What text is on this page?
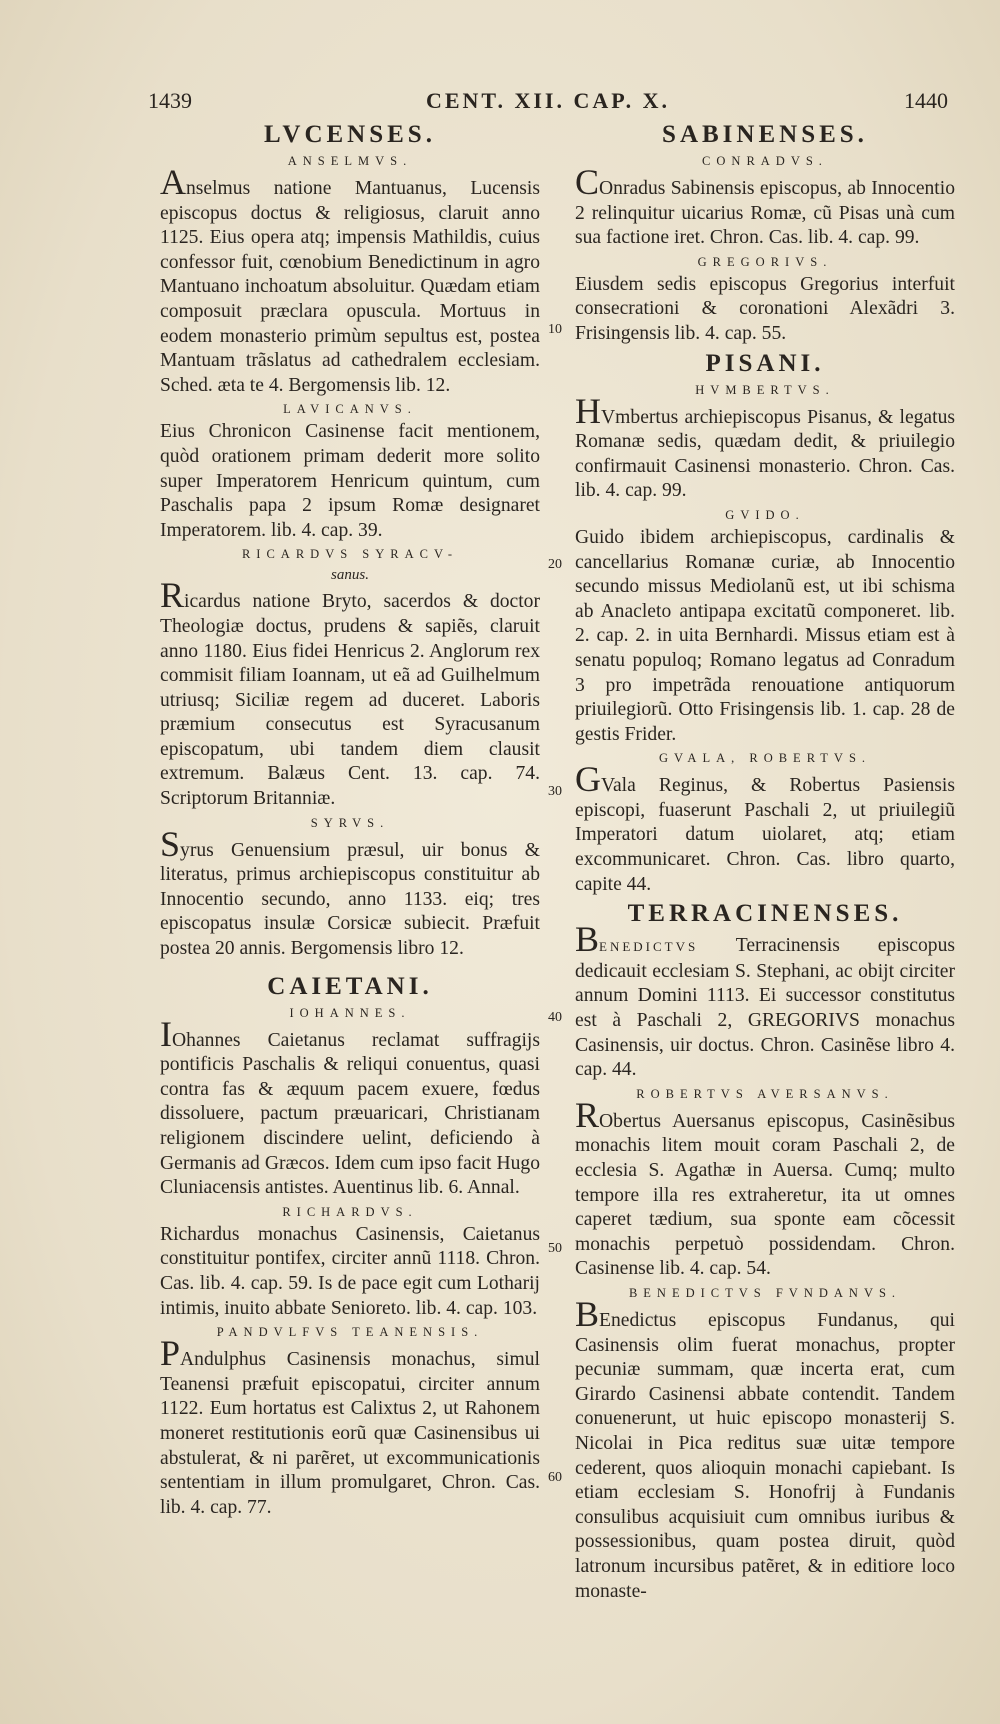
1439	CENT. XII. CAP. X.	1440
10
20
30
40
50
60
LVCENSES.
ANSELMVS.

Anselmus natione Mantuanus, Lucensis episcopus doctus & religiosus, claruit anno 1125. Eius opera atq; impensis Mathildis, cuius confessor fuit, cœnobium Benedictinum in agro Mantuano inchoatum absoluitur. Quædam etiam composuit præclara opuscula. Mortuus in eodem monasterio primùm sepultus est, postea Mantuam trãslatus ad cathedralem ecclesiam. Sched. æta te 4. Bergomensis lib. 12.

LAVICANVS.

Eius Chronicon Casinense facit mentionem, quòd orationem primam dederit more solito super Imperatorem Henricum quintum, cum Paschalis papa 2 ipsum Romæ designaret Imperatorem. lib. 4. cap. 39.

RICARDVS SYRACV-
sanus.

Ricardus natione Bryto, sacerdos & doctor Theologiæ doctus, prudens & sapiẽs, claruit anno 1180. Eius fidei Henricus 2. Anglorum rex commisit filiam Ioannam, ut eã ad Guilhelmum utriusq; Siciliæ regem ad duceret. Laboris præmium consecutus est Syracusanum episcopatum, ubi tandem diem clausit extremum. Balæus Cent. 13. cap. 74. Scriptorum Britanniæ.

SYRVS.

Syrus Genuensium præsul, uir bonus & literatus, primus archiepiscopus constituitur ab Innocentio secundo, anno 1133. eiq; tres episcopatus insulæ Corsicæ subiecit. Præfuit postea 20 annis. Bergomensis libro 12.

CAIETANI.
IOHANNES.

IOhannes Caietanus reclamat suffragijs pontificis Paschalis & reliqui conuentus, quasi contra fas & æquum pacem exuere, fœdus dissoluere, pactum præuaricari, Christianam religionem discindere uelint, deficiendo à Germanis ad Græcos. Idem cum ipso facit Hugo Cluniacensis antistes. Auentinus lib. 6. Annal.

RICHARDVS.

Richardus monachus Casinensis, Caietanus constituitur pontifex, circiter annũ 1118. Chron. Cas. lib. 4. cap. 59. Is de pace egit cum Lotharij intimis, inuito abbate Senioreto. lib. 4. cap. 103.

PANDVLFVS TEANENSIS.

PAndulphus Casinensis monachus, simul Teanensi præfuit episcopatui, circiter annum 1122. Eum hortatus est Calixtus 2, ut Rahonem moneret restitutionis eorũ quæ Casinensibus ui abstulerat, & ni parẽret, ut excommunicationis sententiam in illum promulgaret, Chron. Cas. lib. 4. cap. 77.

SABINENSES.
CONRADVS.

COnradus Sabinensis episcopus, ab Innocentio 2 relinquitur uicarius Romæ, cũ Pisas unà cum sua factione iret. Chron. Cas. lib. 4. cap. 99.

GREGORIVS.

Eiusdem sedis episcopus Gregorius interfuit consecrationi & coronationi Alexãdri 3. Frisingensis lib. 4. cap. 55.

PISANI.
HVMBERTVS.

HVmbertus archiepiscopus Pisanus, & legatus Romanæ sedis, quædam dedit, & priuilegio confirmauit Casinensi monasterio. Chron. Cas. lib. 4. cap. 99.

GVIDO.

Guido ibidem archiepiscopus, cardinalis & cancellarius Romanæ curiæ, ab Innocentio secundo missus Mediolanũ est, ut ibi schisma ab Anacleto antipapa excitatũ componeret. lib. 2. cap. 2. in uita Bernhardi. Missus etiam est à senatu populoq; Romano legatus ad Conradum 3 pro impetrãda renouatione antiquorum priuilegiorũ. Otto Frisingensis lib. 1. cap. 28 de gestis Frider.

GVALA, ROBERTVS.

GVala Reginus, & Robertus Pasiensis episcopi, fuaserunt Paschali 2, ut priuilegiũ Imperatori datum uiolaret, atq; etiam excommunicaret. Chron. Cas. libro quarto, capite 44.

TERRACINENSES.

BENEDICTVS Terracinensis episcopus dedicauit ecclesiam S. Stephani, ac obijt circiter annum Domini 1113. Ei successor constitutus est à Paschali 2, GREGORIVS monachus Casinensis, uir doctus. Chron. Casinẽse libro 4. cap. 44.

ROBERTVS AVERSANVS.

RObertus Auersanus episcopus, Casinẽsibus monachis litem mouit coram Paschali 2, de ecclesia S. Agathæ in Auersa. Cumq; multo tempore illa res extraheretur, ita ut omnes caperet tædium, sua sponte eam cõcessit monachis perpetuò possidendam. Chron. Casinense lib. 4. cap. 54.

BENEDICTVS FVNDANVS.

BEnedictus episcopus Fundanus, qui Casinensis olim fuerat monachus, propter pecuniæ summam, quæ incerta erat, cum Girardo Casinensi abbate contendit. Tandem conuenerunt, ut huic episcopo monasterij S. Nicolai in Pica reditus suæ uitæ tempore cederent, quos alioquin monachi capiebant. Is etiam ecclesiam S. Honofrij à Fundanis consulibus acquisiuit cum omnibus iuribus & possessionibus, quam postea diruit, quòd latronum incursibus patẽret, & in editiore loco monaste-
